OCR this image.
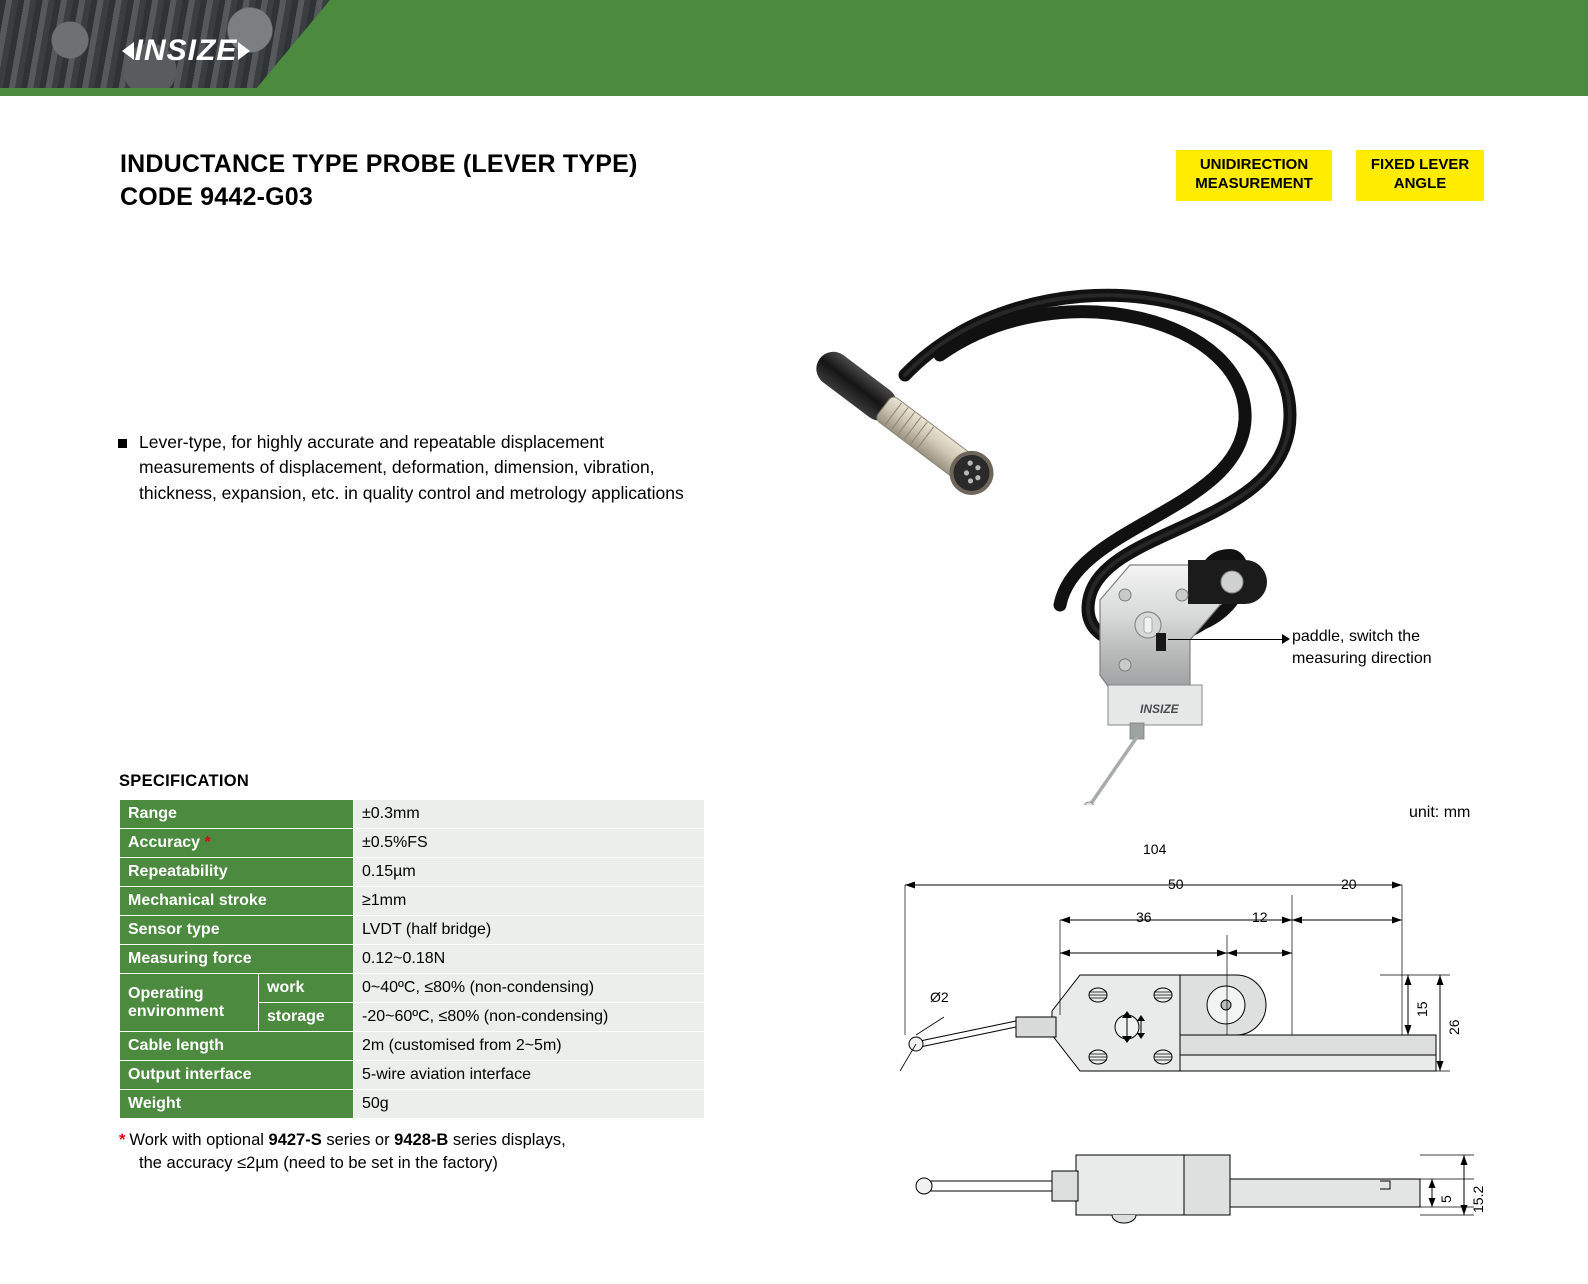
INSIZE
INDUCTANCE TYPE PROBE (LEVER TYPE)
CODE 9442-G03
UNIDIRECTION
MEASUREMENT
FIXED LEVER
ANGLE
Lever-type, for highly accurate and repeatable displacement measurements of displacement, deformation, dimension, vibration, thickness, expansion, etc. in quality control and metrology applications
INSIZE
paddle, switch the
measuring direction
SPECIFICATION
Range		±0.3mm
Accuracy *		±0.5%FS
Repeatability		0.15µm
Mechanical stroke		≥1mm
Sensor type		LVDT (half bridge)
Measuring force		0.12~0.18N

Operating
environment	work	0~40ºC, ≤80% (non-condensing)
	storage	-20~60ºC, ≤80% (non-condensing)
Cable length		2m (customised from 2~5m)
Output interface		5-wire aviation interface
Weight		50g
* Work with optional 9427-S series or 9428-B series displays,
the accuracy ≤2µm (need to be set in the factory)
unit: mm
104
50	20
36	12
15
26
Ø2
5 15.2
